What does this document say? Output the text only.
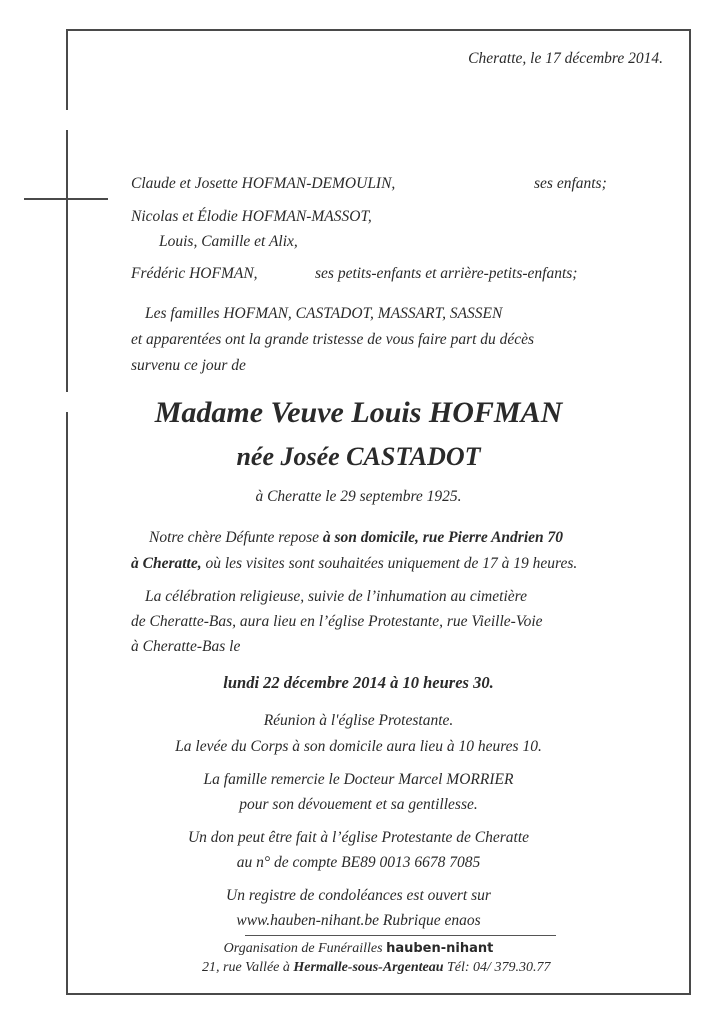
Cheratte, le 17 décembre 2014.
Claude et Josette HOFMAN-DEMOULIN,	ses enfants;
Nicolas et Élodie HOFMAN-MASSOT,
Louis, Camille et Alix,
Frédéric HOFMAN,	ses petits-enfants et arrière-petits-enfants;
Les familles HOFMAN, CASTADOT, MASSART, SASSEN
et apparentées ont la grande tristesse de vous faire part du décès
survenu ce jour de
Madame Veuve Louis HOFMAN
née Josée CASTADOT
à Cheratte le 29 septembre 1925.
Notre chère Défunte repose à son domicile, rue Pierre Andrien 70
à Cheratte, où les visites sont souhaitées uniquement de 17 à 19 heures.
La célébration religieuse, suivie de l’inhumation au cimetière
de Cheratte-Bas, aura lieu en l’église Protestante, rue Vieille-Voie
à Cheratte-Bas le
lundi 22 décembre 2014 à 10 heures 30.
Réunion à l'église Protestante.
La levée du Corps à son domicile aura lieu à 10 heures 10.
La famille remercie le Docteur Marcel MORRIER
pour son dévouement et sa gentillesse.
Un don peut être fait à l’église Protestante de Cheratte
au n° de compte BE89 0013 6678 7085
Un registre de condoléances est ouvert sur
www.hauben-nihant.be Rubrique enaos
Organisation de Funérailles hauben-nihant
21, rue Vallée à Hermalle-sous-Argenteau Tél: 04/ 379.30.77
